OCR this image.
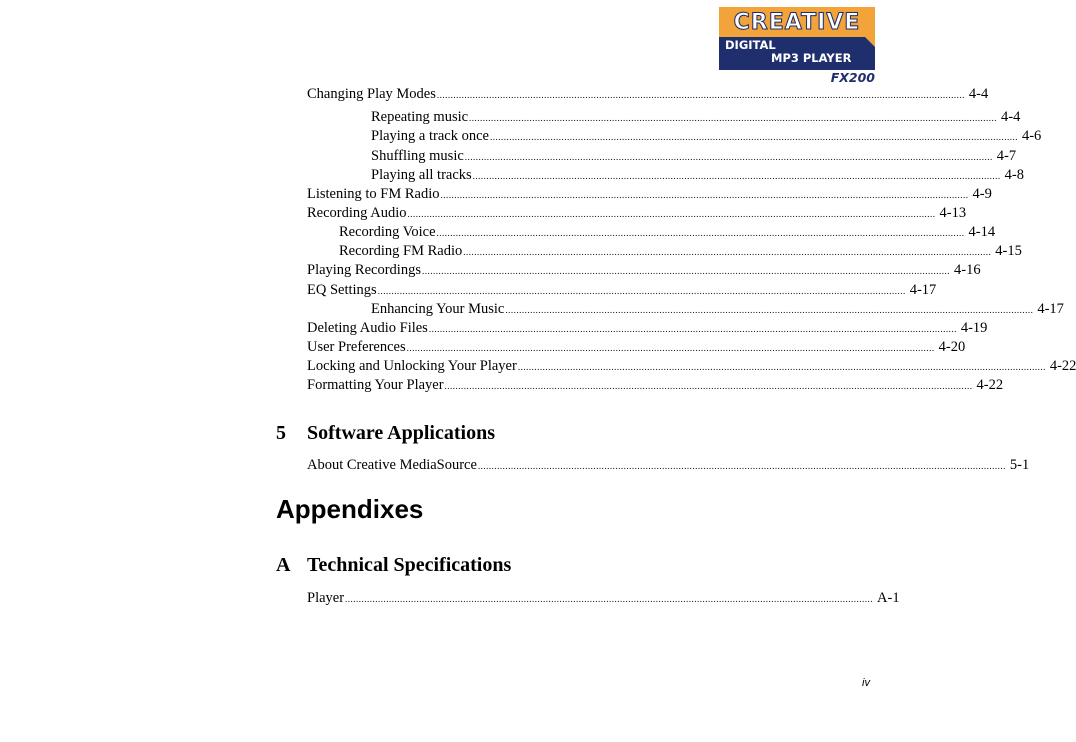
CREATIVE
DIGITAL
MP3 PLAYER
FX200
Changing Play Modes ................................................................................................................................................................................................ 4-4
Repeating music ................................................................................................................................................................................................ 4-4
Playing a track once ................................................................................................................................................................................................ 4-6
Shuffling music ................................................................................................................................................................................................ 4-7
Playing all tracks ................................................................................................................................................................................................ 4-8
Listening to FM Radio ................................................................................................................................................................................................ 4-9
Recording Audio ................................................................................................................................................................................................ 4-13
Recording Voice ................................................................................................................................................................................................ 4-14
Recording FM Radio ................................................................................................................................................................................................ 4-15
Playing Recordings ................................................................................................................................................................................................ 4-16
EQ Settings ................................................................................................................................................................................................ 4-17
Enhancing Your Music ................................................................................................................................................................................................ 4-17
Deleting Audio Files ................................................................................................................................................................................................ 4-19
User Preferences ................................................................................................................................................................................................ 4-20
Locking and Unlocking Your Player ................................................................................................................................................................................................ 4-22
Formatting Your Player ................................................................................................................................................................................................ 4-22
5 Software Applications
About Creative MediaSource ................................................................................................................................................................................................ 5-1
Appendixes
A Technical Specifications
Player ................................................................................................................................................................................................ A-1
iv
